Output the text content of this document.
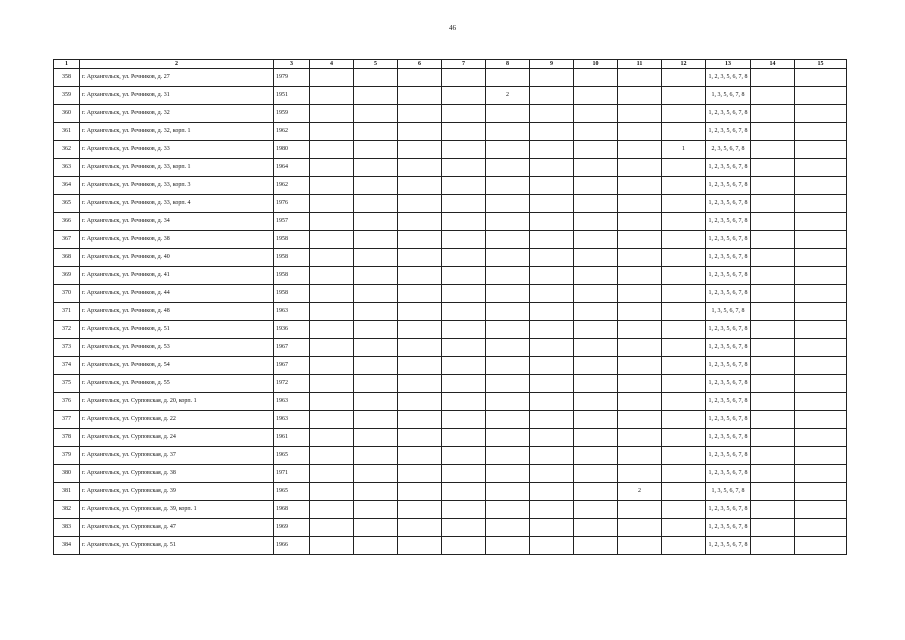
46
1	2	3	4	5	6	7	8	9	10	11	12	13	14	15
358	г. Архангельск, ул. Речников, д. 27	1979										1, 2, 3, 5, 6, 7, 8		
359	г. Архангельск, ул. Речников, д. 31	1951					2					1, 3, 5, 6, 7, 8		
360	г. Архангельск, ул. Речников, д. 32	1959										1, 2, 3, 5, 6, 7, 8		
361	г. Архангельск, ул. Речников, д. 32, корп. 1	1962										1, 2, 3, 5, 6, 7, 8		
362	г. Архангельск, ул. Речников, д. 33	1980									1	2, 3, 5, 6, 7, 8		
363	г. Архангельск, ул. Речников, д. 33, корп. 1	1964										1, 2, 3, 5, 6, 7, 8		
364	г. Архангельск, ул. Речников, д. 33, корп. 3	1962										1, 2, 3, 5, 6, 7, 8		
365	г. Архангельск, ул. Речников, д. 33, корп. 4	1976										1, 2, 3, 5, 6, 7, 8		
366	г. Архангельск, ул. Речников, д. 34	1957										1, 2, 3, 5, 6, 7, 8		
367	г. Архангельск, ул. Речников, д. 38	1958										1, 2, 3, 5, 6, 7, 8		
368	г. Архангельск, ул. Речников, д. 40	1958										1, 2, 3, 5, 6, 7, 8		
369	г. Архангельск, ул. Речников, д. 41	1958										1, 2, 3, 5, 6, 7, 8		
370	г. Архангельск, ул. Речников, д. 44	1958										1, 2, 3, 5, 6, 7, 8		
371	г. Архангельск, ул. Речников, д. 48	1963										1, 3, 5, 6, 7, 8		
372	г. Архангельск, ул. Речников, д. 51	1936										1, 2, 3, 5, 6, 7, 8		
373	г. Архангельск, ул. Речников, д. 53	1967										1, 2, 3, 5, 6, 7, 8		
374	г. Архангельск, ул. Речников, д. 54	1967										1, 2, 3, 5, 6, 7, 8		
375	г. Архангельск, ул. Речников, д. 55	1972										1, 2, 3, 5, 6, 7, 8		
376	г. Архангельск, ул. Сурповская, д. 20, корп. 1	1963										1, 2, 3, 5, 6, 7, 8		
377	г. Архангельск, ул. Сурповская, д. 22	1963										1, 2, 3, 5, 6, 7, 8		
378	г. Архангельск, ул. Сурповская, д. 24	1961										1, 2, 3, 5, 6, 7, 8		
379	г. Архангельск, ул. Сурповская, д. 37	1965										1, 2, 3, 5, 6, 7, 8		
380	г. Архангельск, ул. Сурповская, д. 38	1971										1, 2, 3, 5, 6, 7, 8		
381	г. Архангельск, ул. Сурповская, д. 39	1965								2		1, 3, 5, 6, 7, 8		
382	г. Архангельск, ул. Сурповская, д. 39, корп. 1	1968										1, 2, 3, 5, 6, 7, 8		
383	г. Архангельск, ул. Сурповская, д. 47	1969										1, 2, 3, 5, 6, 7, 8		
384	г. Архангельск, ул. Сурповская, д. 51	1966										1, 2, 3, 5, 6, 7, 8		
